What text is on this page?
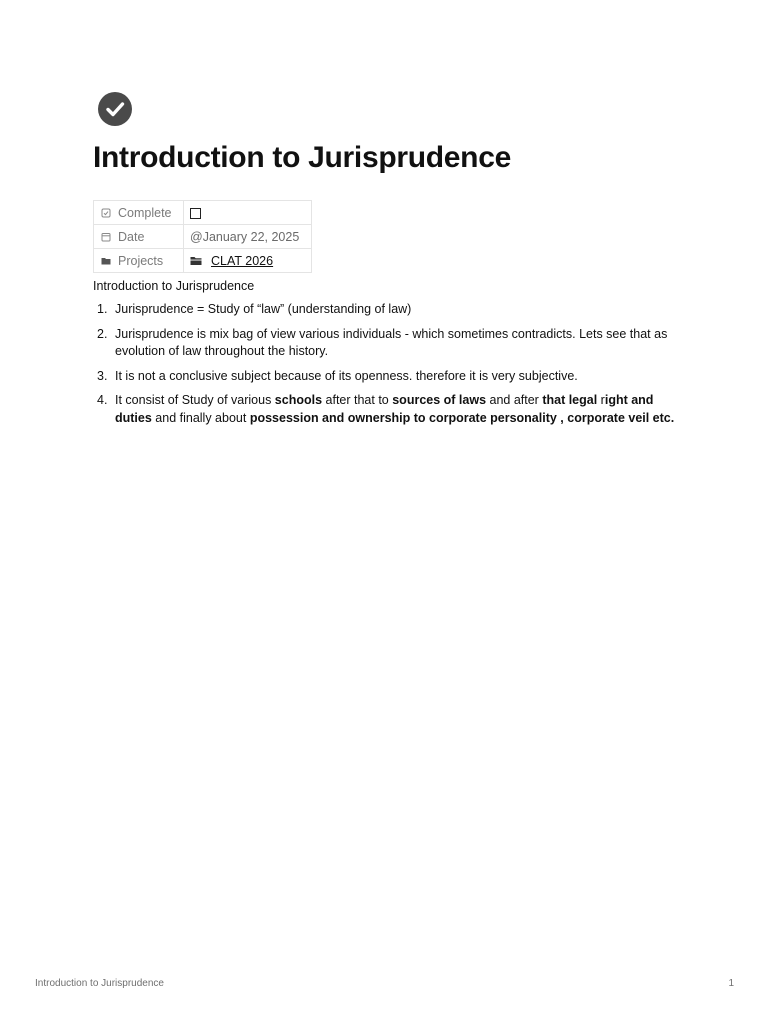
Introduction to Jurisprudence
Complete	
Date	@January 22, 2025
Projects	CLAT 2026
Introduction to Jurisprudence
1. Jurisprudence = Study of “law” (understanding of law)
2. Jurisprudence is mix bag of view various individuals - which sometimes contradicts. Lets see that as evolution of law throughout the history.
3. It is not a conclusive subject because of its openness. therefore it is very subjective.
4. It consist of Study of various schools after that to sources of laws and after that legal right and duties and finally about possession and ownership to corporate personality , corporate veil etc.
Introduction to Jurisprudence	1
